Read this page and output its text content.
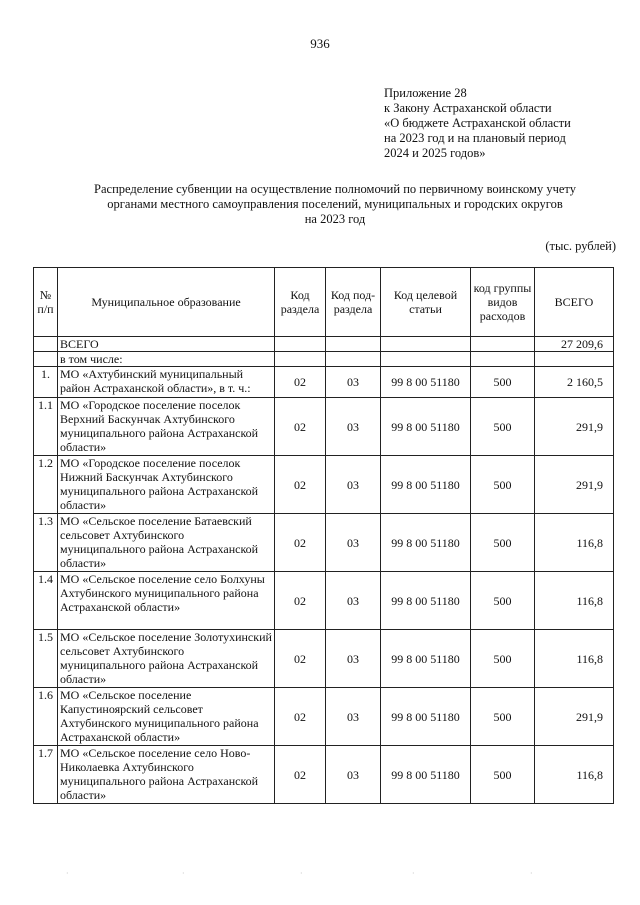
936
Приложение 28
к Закону Астраханской области
«О бюджете Астраханской области
на 2023 год и на плановый период
2024 и 2025 годов»
Распределение субвенции на осуществление полномочий по первичному воинскому учету
органами местного самоуправления поселений, муниципальных и городских округов
на 2023 год
(тыс. рублей)
№ п/п	Муниципальное образование	Код раздела	Код под-раздела	Код целевой статьи	код группы видов расходов	ВСЕГО
	ВСЕГО					27 209,6
	в том числе:					
1.	МО «Ахтубинский муниципальный район Астраханской области», в т. ч.:	02	03	99 8 00 51180	500	2 160,5
1.1	МО «Городское поселение поселок Верхний Баскунчак Ахтубинского муниципального района Астраханской области»	02	03	99 8 00 51180	500	291,9
1.2	МО «Городское поселение поселок Нижний Баскунчак Ахтубинского муниципального района Астраханской области»	02	03	99 8 00 51180	500	291,9
1.3	МО «Сельское поселение Батаевский сельсовет Ахтубинского муниципального района Астраханской области»	02	03	99 8 00 51180	500	116,8
1.4	МО «Сельское поселение село Болхуны Ахтубинского муниципального района Астраханской области»	02	03	99 8 00 51180	500	116,8
1.5	МО «Сельское поселение Золотухинский сельсовет Ахтубинского муниципального района Астраханской области»	02	03	99 8 00 51180	500	116,8
1.6	МО «Сельское поселение Капустиноярский сельсовет Ахтубинского муниципального района Астраханской области»	02	03	99 8 00 51180	500	291,9
1.7	МО «Сельское поселение село Ново-Николаевка Ахтубинского муниципального района Астраханской области»	02	03	99 8 00 51180	500	116,8
·	·	·	·	·
